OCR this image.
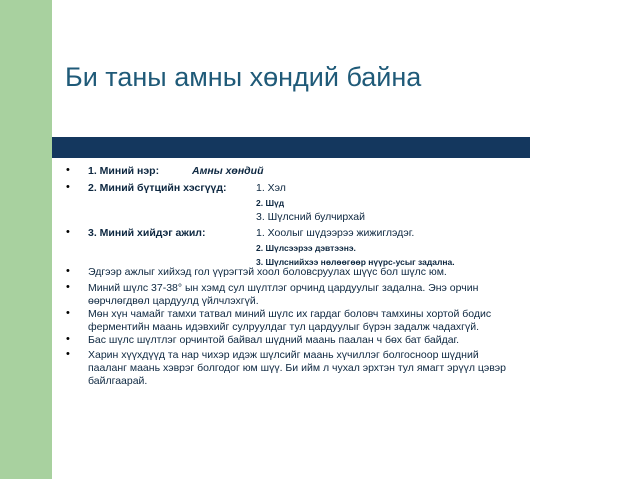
Би таны амны хөндий байна
• 1. Миний нэр:	Амны хөндий
• 2. Миний бүтцийн хэсгүүд:	1. Хэл
2. Шүд
3. Шүлсний булчирхай
• 3. Миний хийдэг ажил:	1. Хоолыг шүдээрээ жижиглэдэг.
2. Шүлсээрээ дэвтээнэ.
3. Шүлснийхээ нөлөөгөөр нүүрс-усыг задална.
• Эдгээр ажлыг хийхэд гол үүрэгтэй хоол боловсруулах шүүс бол шүлс юм.
• Миний шүлс 37-38° ын хэмд сул шүлтлэг орчинд цардуулыг задална. Энэ орчин
өөрчлөгдвөл цардуулд үйлчлэхгүй.
• Мөн хүн чамайг тамхи татвал миний шүлс их гардаг боловч тамхины хортой бодис
ферментийн маань идэвхийг сулруулдаг тул цардуулыг бүрэн задалж чадахгүй.
• Бас шүлс шүлтлэг орчинтой байвал шүдний маань паалан ч бөх бат байдаг.
• Харин хүүхдүүд та нар чихэр идэж шүлсийг маань хүчиллэг болгосноор шүдний
пааланг маань хэврэг болгодог юм шүү. Би ийм л чухал эрхтэн тул ямагт эрүүл цэвэр
байлгаарай.
